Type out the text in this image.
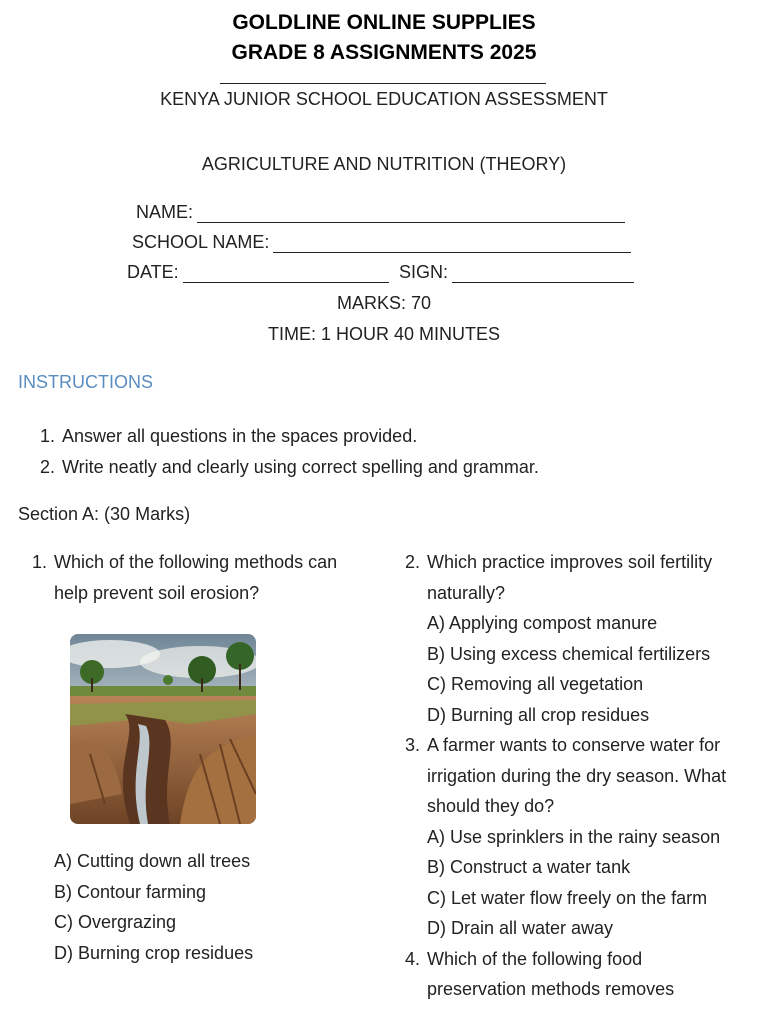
GOLDLINE ONLINE SUPPLIES
GRADE 8 ASSIGNMENTS 2025
KENYA JUNIOR SCHOOL EDUCATION ASSESSMENT
AGRICULTURE AND NUTRITION (THEORY)
NAME:
SCHOOL NAME:
DATE:	SIGN:
MARKS: 70
TIME: 1 HOUR 40 MINUTES
INSTRUCTIONS
1. Answer all questions in the spaces provided.
2. Write neatly and clearly using correct spelling and grammar.
Section A: (30 Marks)
1. Which of the following methods can
help prevent soil erosion?
A) Cutting down all trees
B) Contour farming
C) Overgrazing
D) Burning crop residues
2. Which practice improves soil fertility
naturally?
A) Applying compost manure
B) Using excess chemical fertilizers
C) Removing all vegetation
D) Burning all crop residues
3. A farmer wants to conserve water for
irrigation during the dry season. What
should they do?
A) Use sprinklers in the rainy season
B) Construct a water tank
C) Let water flow freely on the farm
D) Drain all water away
4. Which of the following food
preservation methods removes
